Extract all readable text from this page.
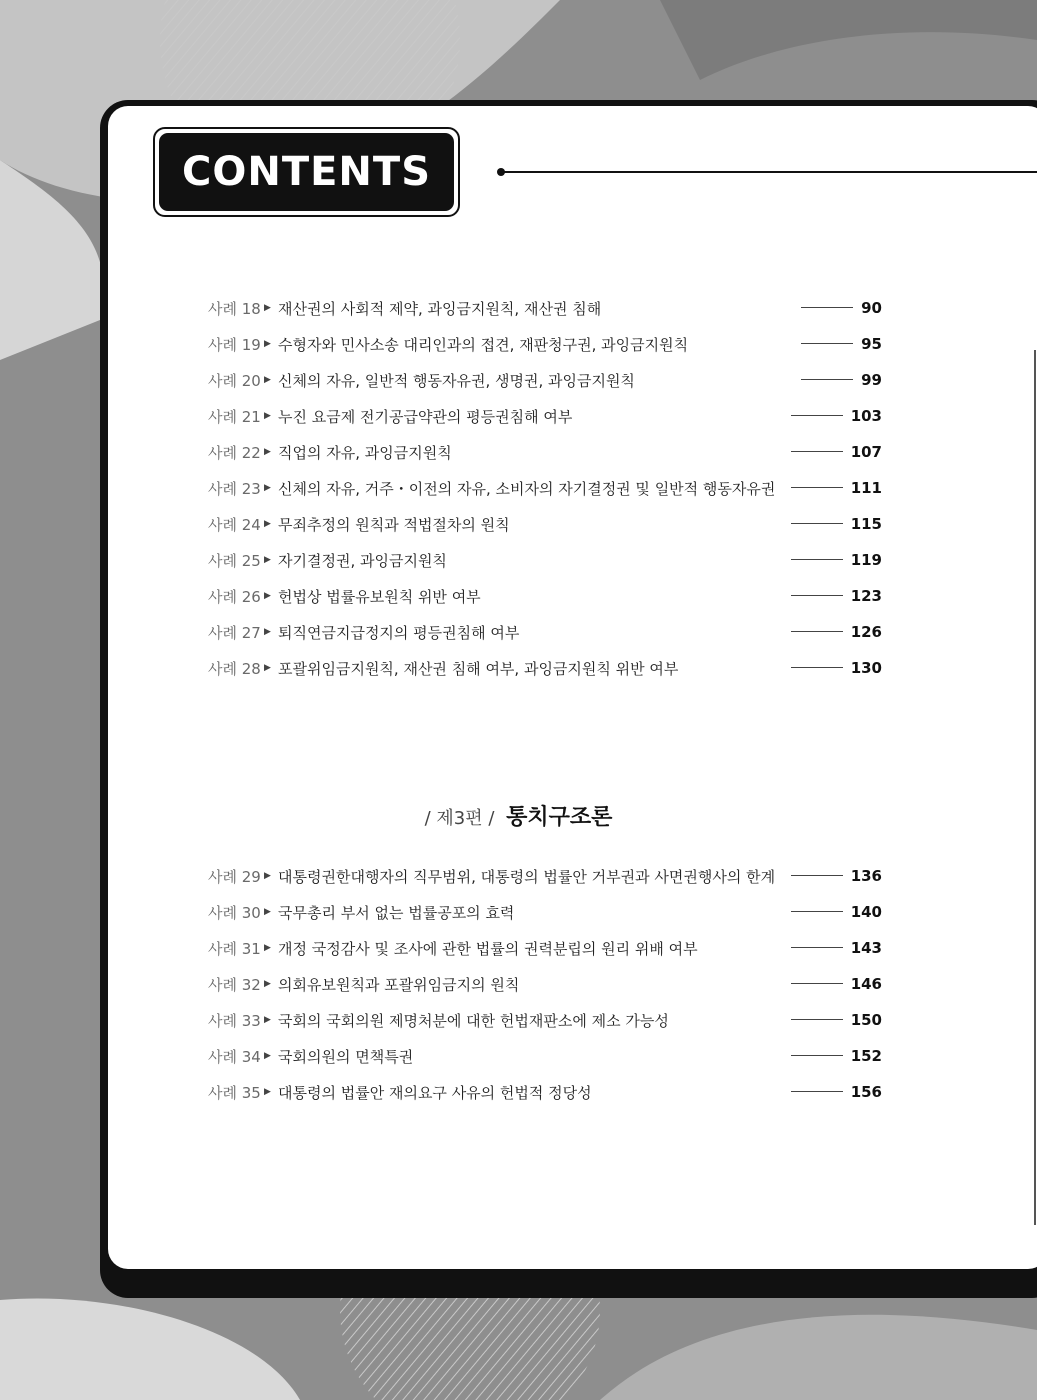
CONTENTS
사례 18 ▶ 재산권의 사회적 제약, 과잉금지원칙, 재산권 침해	90
사례 19 ▶ 수형자와 민사소송 대리인과의 접견, 재판청구권, 과잉금지원칙	95
사례 20 ▶ 신체의 자유, 일반적 행동자유권, 생명권, 과잉금지원칙	99
사례 21 ▶ 누진 요금제 전기공급약관의 평등권침해 여부	103
사례 22 ▶ 직업의 자유, 과잉금지원칙	107
사례 23 ▶ 신체의 자유, 거주・이전의 자유, 소비자의 자기결정권 및 일반적 행동자유권	111
사례 24 ▶ 무죄추정의 원칙과 적법절차의 원칙	115
사례 25 ▶ 자기결정권, 과잉금지원칙	119
사례 26 ▶ 헌법상 법률유보원칙 위반 여부	123
사례 27 ▶ 퇴직연금지급정지의 평등권침해 여부	126
사례 28 ▶ 포괄위임금지원칙, 재산권 침해 여부, 과잉금지원칙 위반 여부	130
/ 제3편 / 통치구조론
사례 29 ▶ 대통령권한대행자의 직무범위, 대통령의 법률안 거부권과 사면권행사의 한계	136
사례 30 ▶ 국무총리 부서 없는 법률공포의 효력	140
사례 31 ▶ 개정 국정감사 및 조사에 관한 법률의 권력분립의 원리 위배 여부	143
사례 32 ▶ 의회유보원칙과 포괄위임금지의 원칙	146
사례 33 ▶ 국회의 국회의원 제명처분에 대한 헌법재판소에 제소 가능성	150
사례 34 ▶ 국회의원의 면책특권	152
사례 35 ▶ 대통령의 법률안 재의요구 사유의 헌법적 정당성	156
